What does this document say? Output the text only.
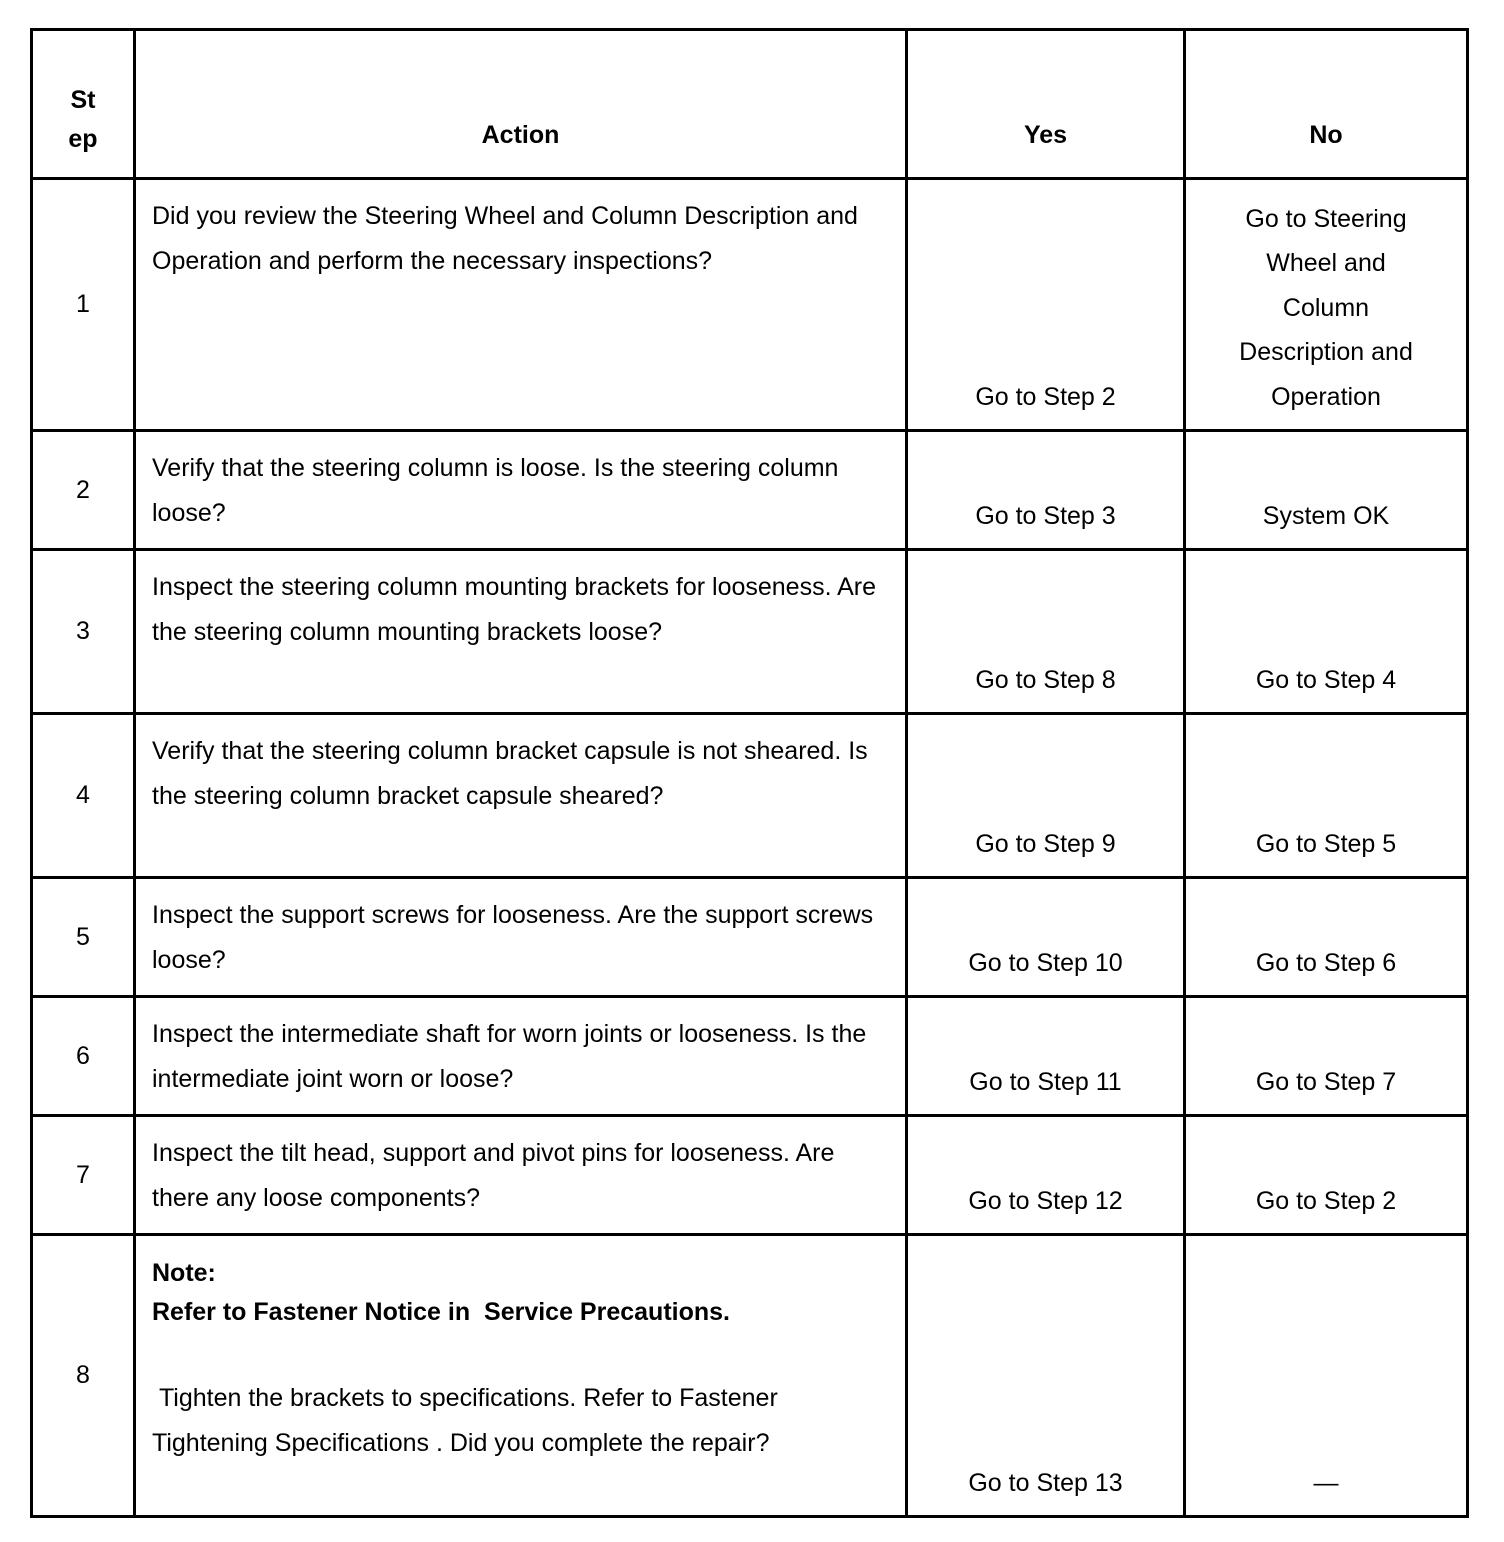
St ep	Action	Yes	No
1	Did you review the Steering Wheel and Column Description and Operation and perform the necessary inspections?	Go to Step 2	Go to Steering Wheel and Column Description and Operation

2	Verify that the steering column is loose. Is the steering column loose?	Go to Step 3	System OK
3	Inspect the steering column mounting brackets for looseness. Are the steering column mounting brackets loose?	Go to Step 8	Go to Step 4
4	Verify that the steering column bracket capsule is not sheared. Is the steering column bracket capsule sheared?	Go to Step 9	Go to Step 5
5	Inspect the support screws for looseness. Are the support screws loose?	Go to Step 10	Go to Step 6
6	Inspect the intermediate shaft for worn joints or looseness. Is the intermediate joint worn or loose?	Go to Step 11	Go to Step 7
7	Inspect the tilt head, support and pivot pins for looseness. Are there any loose components?	Go to Step 12	Go to Step 2
8	Note:
Refer to Fastener Notice in  Service Precautions.
Tighten the brackets to specifications. Refer to Fastener Tightening Specifications . Did you complete the repair?	Go to Step 13	—
